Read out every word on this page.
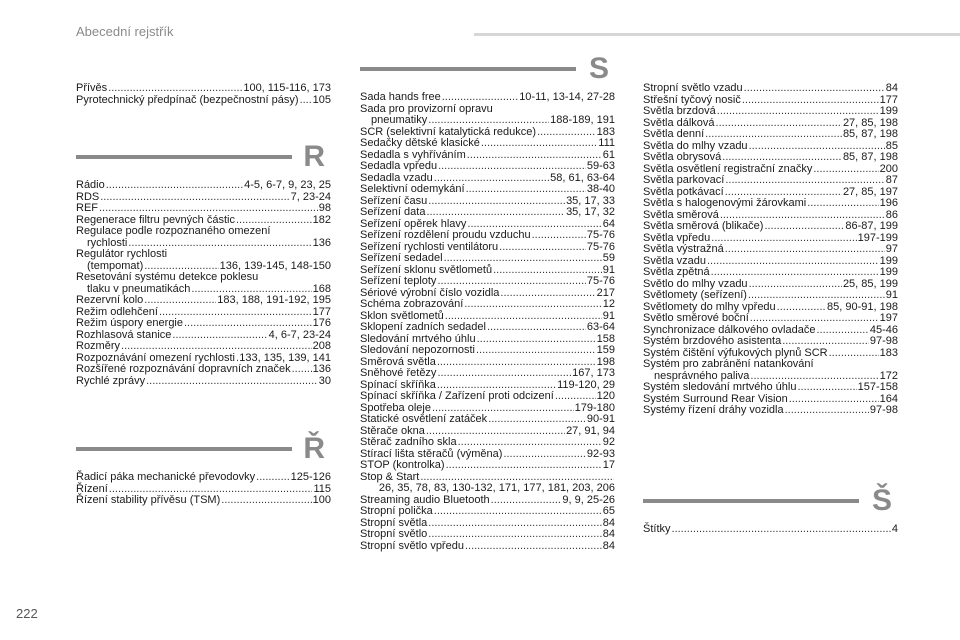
Abecední rejstřík
Přívěs .....	100, 115-116, 173
Pyrotechnický předpínač (bezpečnostní pásy) ..... 105
R
Rádio .....	4-5, 6-7, 9, 23, 25
RDS .....	7, 23-24
REF .....	98
Regenerace filtru pevných částic .....	182
Regulace podle rozpoznaného omezení
rychlosti .....	136
Regulátor rychlosti
(tempomat) .....	136, 139-145, 148-150
Resetování systému detekce poklesu
tlaku v pneumatikách .....	168
Rezervní kolo .....	183, 188, 191-192, 195
Režim odlehčení .....	177
Režim úspory energie .....	176
Rozhlasová stanice .....	4, 6-7, 23-24
Rozměry .....	208
Rozpoznávání omezení rychlosti ..... 133, 135, 139, 141
Rozšířené rozpoznávání dopravních značek ..... 136
Rychlé zprávy .....	30
Ř
Řadicí páka mechanické převodovky .....	125-126
Řízení .....	115
Řízení stability přívěsu (TSM) .....	100
S
Sada hands free .....	10-11, 13-14, 27-28
Sada pro provizorní opravu
pneumatiky .....	188-189, 191
SCR (selektivní katalytická redukce) .....	183
Sedačky dětské klasické .....	111
Sedadla s vyhříváním .....	61
Sedadla vpředu .....	59-63
Sedadla vzadu .....	58, 61, 63-64
Selektivní odemykání .....	38-40
Seřízení času .....	35, 17, 33
Seřízení data .....	35, 17, 32
Seřízení opěrek hlavy .....	64
Seřízení rozdělení proudu vzduchu .....	75-76
Seřízení rychlosti ventilátoru .....	75-76
Seřízení sedadel .....	59
Seřízení sklonu světlometů .....	91
Seřízení teploty .....	75-76
Sériové výrobní číslo vozidla .....	217
Schéma zobrazování .....	12
Sklon světlometů .....	91
Sklopení zadních sedadel .....	63-64
Sledování mrtvého úhlu .....	158
Sledování nepozornosti .....	159
Směrová světla .....	198
Sněhové řetězy .....	167, 173
Spínací skříňka .....	119-120, 29
Spínací skříňka / Zařízení proti odcizení .....	120
Spotřeba oleje .....	179-180
Statické osvětlení zatáček .....	90-91
Stěrače okna .....	27, 91, 94
Stěrač zadního skla .....	92
Stírací lišta stěračů (výměna) .....	92-93
STOP (kontrolka) .....	17
Stop & Start
.....
26, 35, 78, 83, 130-132, 171, 177, 181, 203, 206
Streaming audio Bluetooth .....	9, 9, 25-26
Stropní polička .....	65
Stropní světla .....	84
Stropní světlo .....	84
Stropní světlo vpředu .....	84
Stropní světlo vzadu .....	84
Střešní tyčový nosič .....	177
Světla brzdová .....	199
Světla dálková .....	27, 85, 198
Světla denní .....	85, 87, 198
Světla do mlhy vzadu .....	85
Světla obrysová .....	85, 87, 198
Světla osvětlení registrační značky .....	200
Světla parkovací .....	87
Světla potkávací .....	27, 85, 197
Světla s halogenovými žárovkami .....	196
Světla směrová .....	86
Světla směrová (blikače) .....	86-87, 199
Světla vpředu .....	197-199
Světla výstražná .....	97
Světla vzadu .....	199
Světla zpětná .....	199
Světlo do mlhy vzadu .....	25, 85, 199
Světlomety (seřízení) .....	91
Světlomety do mlhy vpředu .....	85, 90-91, 198
Světlo směrové boční .....	197
Synchronizace dálkového ovladače .....	45-46
Systém brzdového asistenta .....	97-98
Systém čištění výfukových plynů SCR .....	183
Systém pro zabránění natankování
nesprávného paliva .....	172
Systém sledování mrtvého úhlu .....	157-158
Systém Surround Rear Vision .....	164
Systémy řízení dráhy vozidla .....	97-98
Š
Štítky .....	4
222
